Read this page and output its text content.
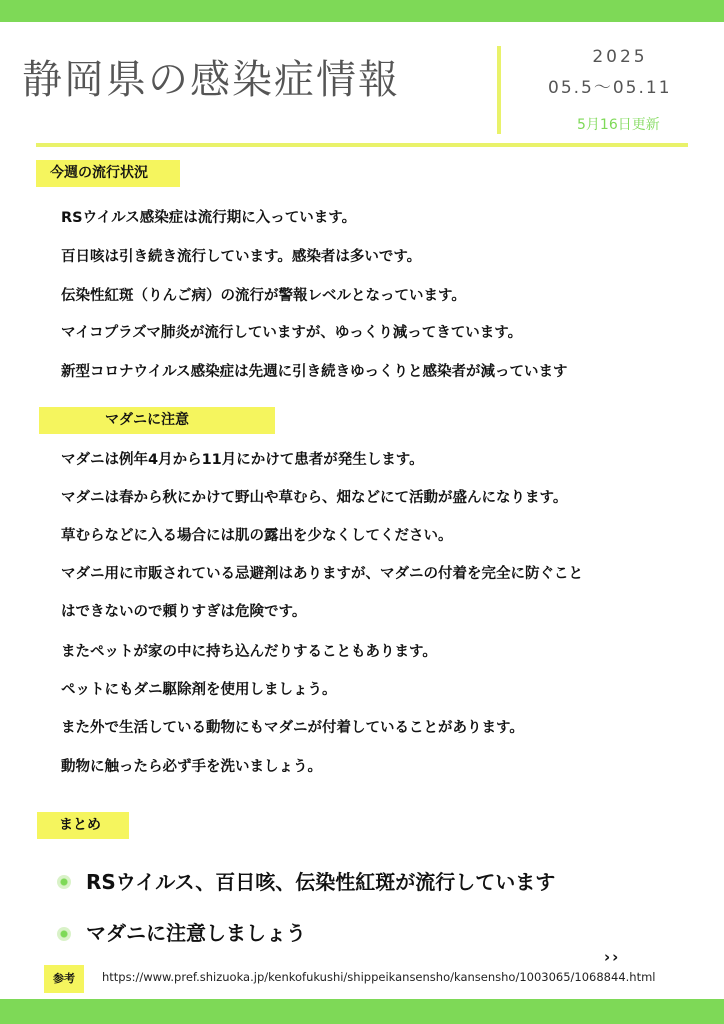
静岡県の感染症情報	2025
05.5〜05.11
5月16日更新
今週の流行状況
RSウイルス感染症は流行期に入っています。
百日咳は引き続き流行しています。感染者は多いです。
伝染性紅斑（りんご病）の流行が警報レベルとなっています。
マイコプラズマ肺炎が流行していますが、ゆっくり減ってきています。
新型コロナウイルス感染症は先週に引き続きゆっくりと感染者が減っています
マダニに注意
マダニは例年4月から11月にかけて患者が発生します。
マダニは春から秋にかけて野山や草むら、畑などにて活動が盛んになります。
草むらなどに入る場合には肌の露出を少なくしてください。
マダニ用に市販されている忌避剤はありますが、マダニの付着を完全に防ぐこと
はできないので頼りすぎは危険です。
またペットが家の中に持ち込んだりすることもあります。
ペットにもダニ駆除剤を使用しましょう。
また外で生活している動物にもマダニが付着していることがあります。
動物に触ったら必ず手を洗いましょう。
まとめ
RSウイルス、百日咳、伝染性紅斑が流行しています
マダニに注意しましょう
››
参考	https://www.pref.shizuoka.jp/kenkofukushi/shippeikansensho/kansensho/1003065/1068844.html
